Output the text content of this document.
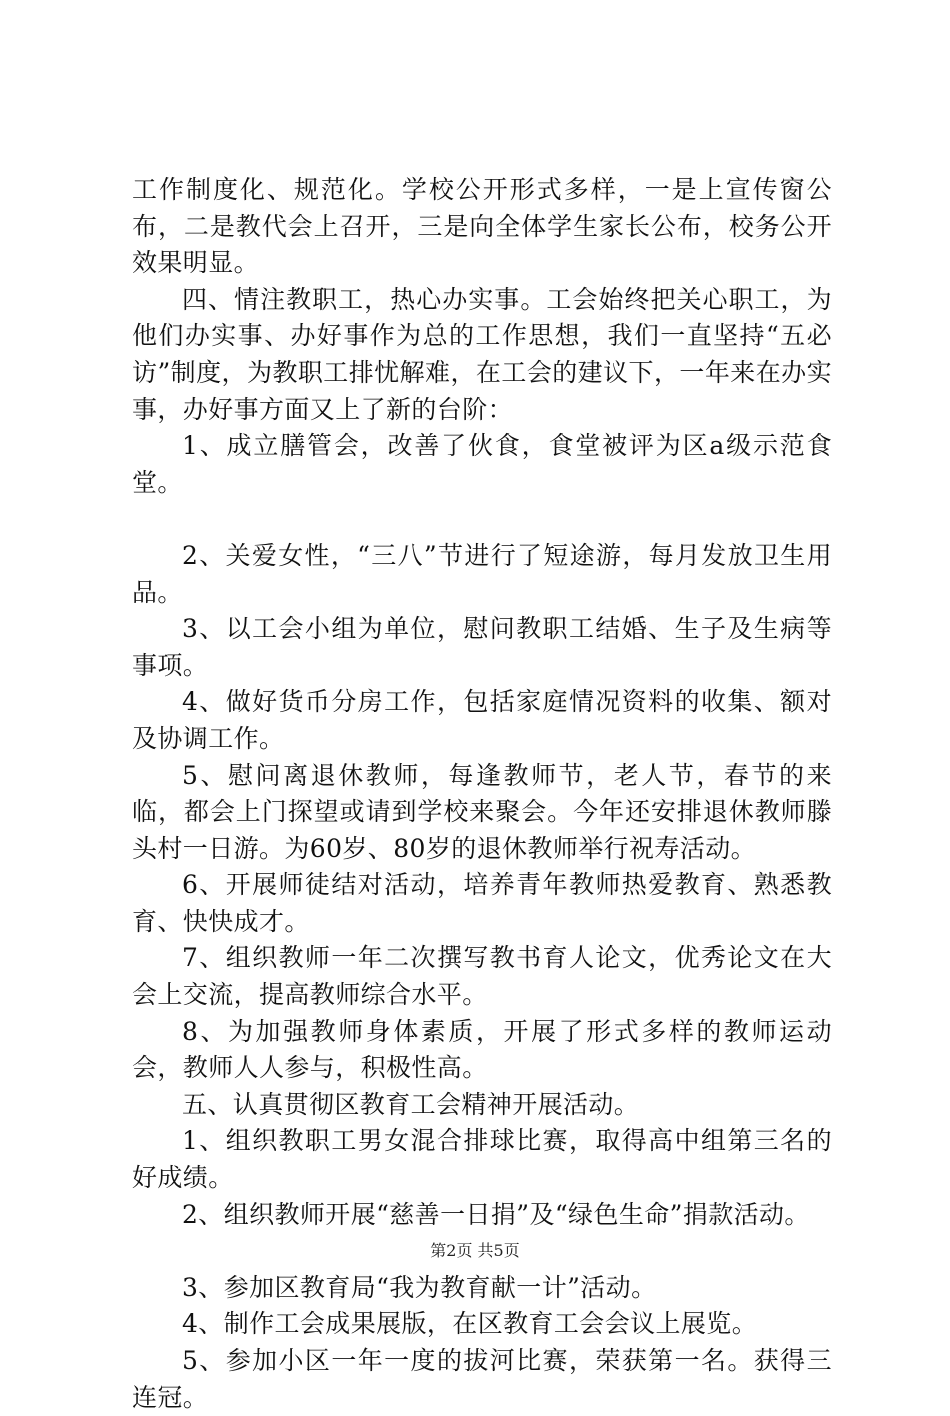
工作制度化、规范化。学校公开形式多样，一是上宣传窗公布，二是教代会上召开，三是向全体学生家长公布，校务公开效果明显。

四、情注教职工，热心办实事。工会始终把关心职工，为他们办实事、办好事作为总的工作思想，我们一直坚持“五必访”制度，为教职工排忧解难，在工会的建议下，一年来在办实事，办好事方面又上了新的台阶：

1、成立膳管会，改善了伙食，食堂被评为区a级示范食堂。

2、关爱女性，“三八”节进行了短途游，每月发放卫生用品。

3、以工会小组为单位，慰问教职工结婚、生子及生病等事项。

4、做好货币分房工作，包括家庭情况资料的收集、额对及协调工作。

5、慰问离退休教师，每逢教师节，老人节，春节的来临，都会上门探望或请到学校来聚会。今年还安排退休教师滕头村一日游。为60岁、80岁的退休教师举行祝寿活动。

6、开展师徒结对活动，培养青年教师热爱教育、熟悉教育、快快成才。

7、组织教师一年二次撰写教书育人论文，优秀论文在大会上交流，提高教师综合水平。

8、为加强教师身体素质，开展了形式多样的教师运动会，教师人人参与，积极性高。

五、认真贯彻区教育工会精神开展活动。

1、组织教职工男女混合排球比赛，取得高中组第三名的好成绩。

2、组织教师开展“慈善一日捐”及“绿色生命”捐款活动。

3、参加区教育局“我为教育献一计”活动。

4、制作工会成果展版，在区教育工会会议上展览。

5、参加小区一年一度的拔河比赛，荣获第一名。获得三连冠。

第2页 共5页
